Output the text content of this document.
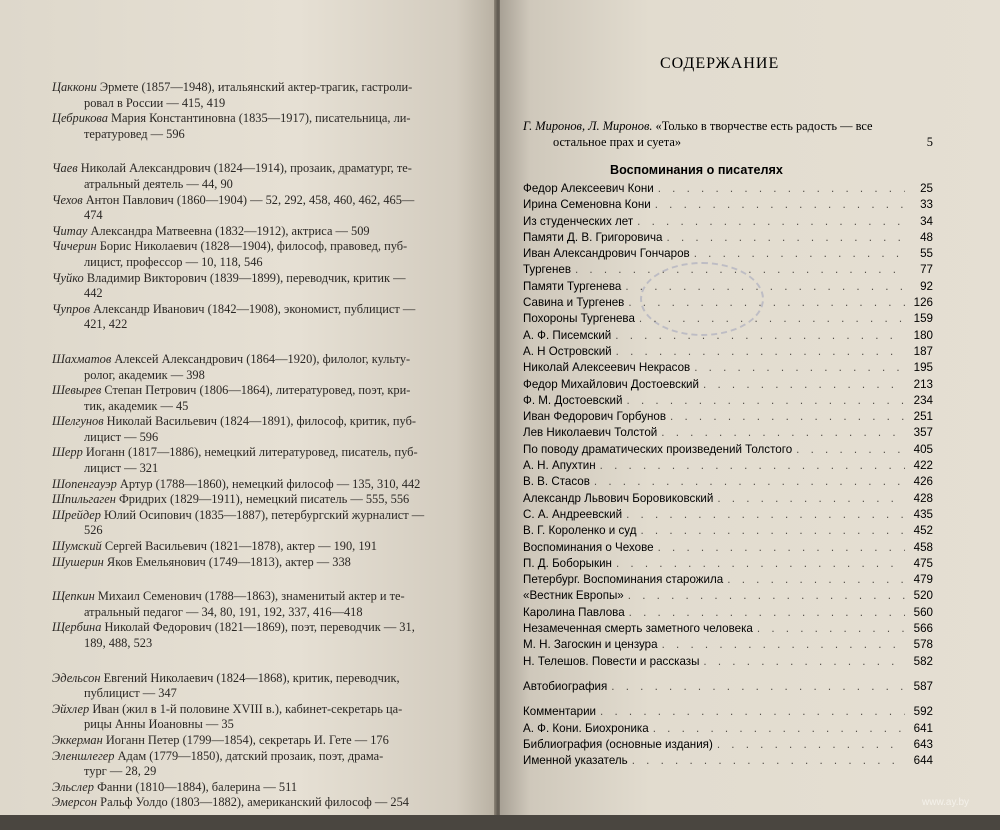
Цаккони Эрмете (1857—1948), итальянский актер-трагик, гастроли-
ровал в России — 415, 419
Цебрикова Мария Константиновна (1835—1917), писательница, ли-
тературовед — 596
Чаев Николай Александрович (1824—1914), прозаик, драматург, те-
атральный деятель — 44, 90
Чехов Антон Павлович (1860—1904) — 52, 292, 458, 460, 462, 465—
474
Читау Александра Матвеевна (1832—1912), актриса — 509
Чичерин Борис Николаевич (1828—1904), философ, правовед, пуб-
лицист, профессор — 10, 118, 546
Чуйко Владимир Викторович (1839—1899), переводчик, критик —
442
Чупров Александр Иванович (1842—1908), экономист, публицист —
421, 422
Шахматов Алексей Александрович (1864—1920), филолог, культу-
ролог, академик — 398
Шевырев Степан Петрович (1806—1864), литературовед, поэт, кри-
тик, академик — 45
Шелгунов Николай Васильевич (1824—1891), философ, критик, пуб-
лицист — 596
Шерр Иоганн (1817—1886), немецкий литературовед, писатель, пуб-
лицист — 321
Шопенгауэр Артур (1788—1860), немецкий философ — 135, 310, 442
Шпильгаген Фридрих (1829—1911), немецкий писатель — 555, 556
Шрейдер Юлий Осипович (1835—1887), петербургский журналист —
526
Шумский Сергей Васильевич (1821—1878), актер — 190, 191
Шушерин Яков Емельянович (1749—1813), актер — 338
Щепкин Михаил Семенович (1788—1863), знаменитый актер и те-
атральный педагог — 34, 80, 191, 192, 337, 416—418
Щербина Николай Федорович (1821—1869), поэт, переводчик — 31,
189, 488, 523
Эдельсон Евгений Николаевич (1824—1868), критик, переводчик,
публицист — 347
Эйхлер Иван (жил в 1-й половине XVIII в.), кабинет-секретарь ца-
рицы Анны Иоановны — 35
Эккерман Иоганн Петер (1799—1854), секретарь И. Гете — 176
Эленшлегер Адам (1779—1850), датский прозаик, поэт, драма-
тург — 28, 29
Эльслер Фанни (1810—1884), балерина — 511
Эмерсон Ральф Уолдо (1803—1882), американский философ — 254
СОДЕРЖАНИЕ
Г. Миронов, Л. Миронов. «Только в творчестве есть радость — все
остальное прах и суета»	5
Воспоминания о писателях
Федор Алексеевич Кони . . .	25
Ирина Семеновна Кони . . .	33
Из студенческих лет . . .	34
Памяти Д. В. Григоровича . . .	48
Иван Александрович Гончаров . . .	55
Тургенев . . .	77
Памяти Тургенева . . .	92
Савина и Тургенев . . .	126
Похороны Тургенева . . .	159
А. Ф. Писемский . . .	180
А. Н Островский . . .	187
Николай Алексеевич Некрасов . . .	195
Федор Михайлович Достоевский . . .	213
Ф. М. Достоевский . . .	234
Иван Федорович Горбунов . . .	251
Лев Николаевич Толстой . . .	357
По поводу драматических произведений Толстого . . .	405
А. Н. Апухтин . . .	422
В. В. Стасов . . .	426
Александр Львович Боровиковский . . .	428
С. А. Андреевский . . .	435
В. Г. Короленко и суд . . .	452
Воспоминания о Чехове . . .	458
П. Д. Боборыкин . . .	475
Петербург. Воспоминания старожила . . .	479
«Вестник Европы» . . .	520
Каролина Павлова . . .	560
Незамеченная смерть заметного человека . . .	566
М. Н. Загоскин и цензура . . .	578
Н. Телешов. Повести и рассказы . . .	582
Автобиография . . .	587
Комментарии . . .	592
А. Ф. Кони. Биохроника . . .	641
Библиография (основные издания) . . .	643
Именной указатель . . .	644
www.ay.by
